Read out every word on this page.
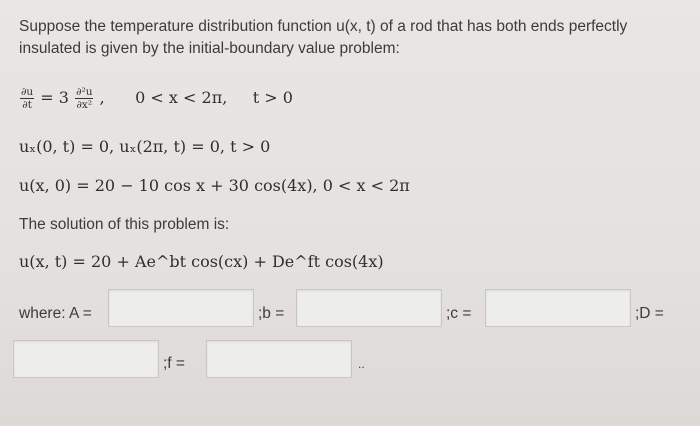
Suppose the temperature distribution function u(x, t) of a rod that has both ends perfectly
insulated is given by the initial-boundary value problem:
$\frac{\partial u}{\partial t} = 3 \frac{\text{∂²u}}{\text{∂x²}}$ ,      0 < x < 2π,     t > 0
uₓ(0, t) = 0, uₓ(2π, t) = 0, t > 0
u(x, 0) = 20 − 10 cos x + 30 cos(4x), 0 < x < 2π
The solution of this problem is:
u(x, t) = 20 + Ae^bt cos(cx) + De^ft cos(4x)
where: A =	;b =	;c =	;D =
;f =	..
